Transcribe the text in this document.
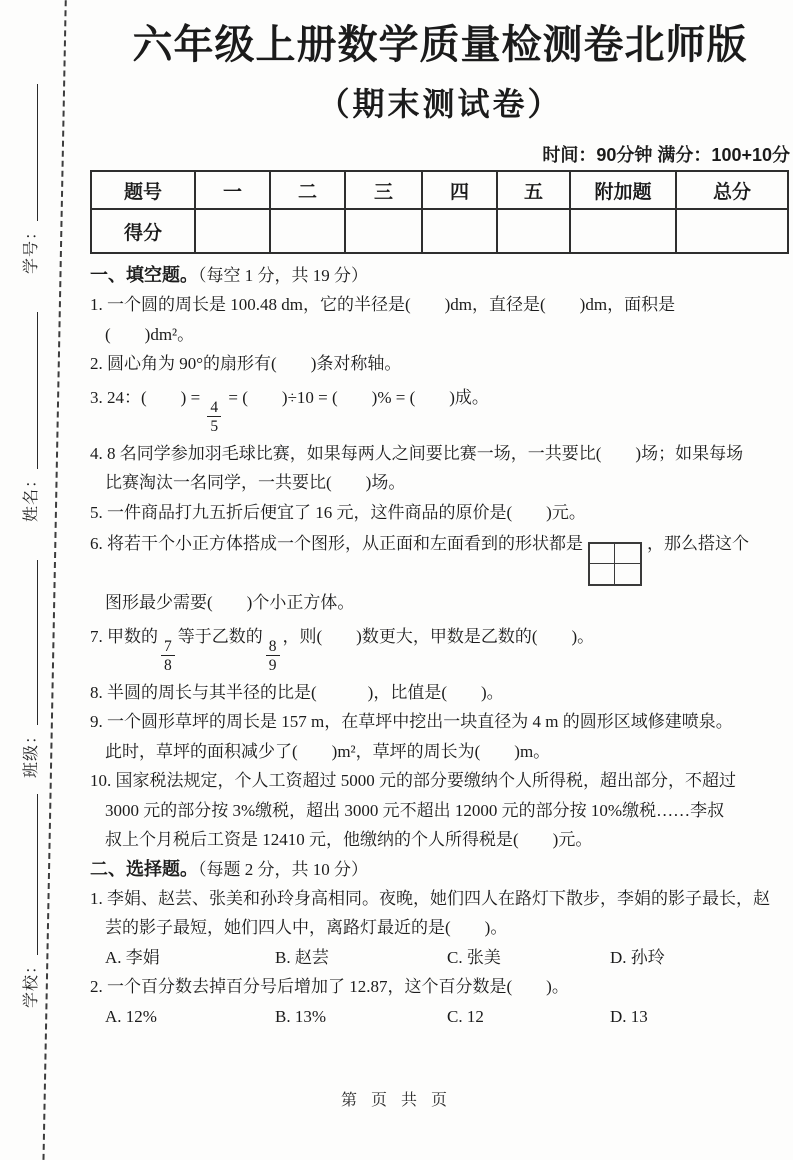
学号：
姓名：
班级：
学校：
六年级上册数学质量检测卷北师版
（期末测试卷）
时间：90分钟 满分：100+10分
题号	一	二	三	四	五	附加题	总分
得分							
一、填空题。（每空 1 分，共 19 分）
1. 一个圆的周长是 100.48 dm，它的半径是(　　)dm，直径是(　　)dm，面积是
(　　)dm²。
2. 圆心角为 90°的扇形有(　　)条对称轴。
3. 24：(　　) =
$\frac{4}{5}$
= (　　)÷10 = (　　)% = (　　)成。
4. 8 名同学参加羽毛球比赛，如果每两人之间要比赛一场，一共要比(　　)场；如果每场
比赛淘汰一名同学，一共要比(　　)场。
5. 一件商品打九五折后便宜了 16 元，这件商品的原价是(　　)元。
6. 将若干个小正方体搭成一个图形，从正面和左面看到的形状都是	，那么搭这个
图形最少需要(　　)个小正方体。
7. 甲数的
$\frac{7}{8}$
等于乙数的
$\frac{8}{9}$
，则(　　)数更大，甲数是乙数的(　　)。
8. 半圆的周长与其半径的比是(　　　)，比值是(　　)。
9. 一个圆形草坪的周长是 157 m，在草坪中挖出一块直径为 4 m 的圆形区域修建喷泉。
此时，草坪的面积减少了(　　)m²，草坪的周长为(　　)m。
10. 国家税法规定，个人工资超过 5000 元的部分要缴纳个人所得税，超出部分，不超过
3000 元的部分按 3%缴税，超出 3000 元不超出 12000 元的部分按 10%缴税……李叔
叔上个月税后工资是 12410 元，他缴纳的个人所得税是(　　)元。
二、选择题。（每题 2 分，共 10 分）
1. 李娟、赵芸、张美和孙玲身高相同。夜晚，她们四人在路灯下散步，李娟的影子最长，赵
芸的影子最短，她们四人中，离路灯最近的是(　　)。
A. 李娟	B. 赵芸	C. 张美	D. 孙玲
2. 一个百分数去掉百分号后增加了 12.87，这个百分数是(　　)。
A. 12%	B. 13%	C. 12	D. 13
第 页 共 页
